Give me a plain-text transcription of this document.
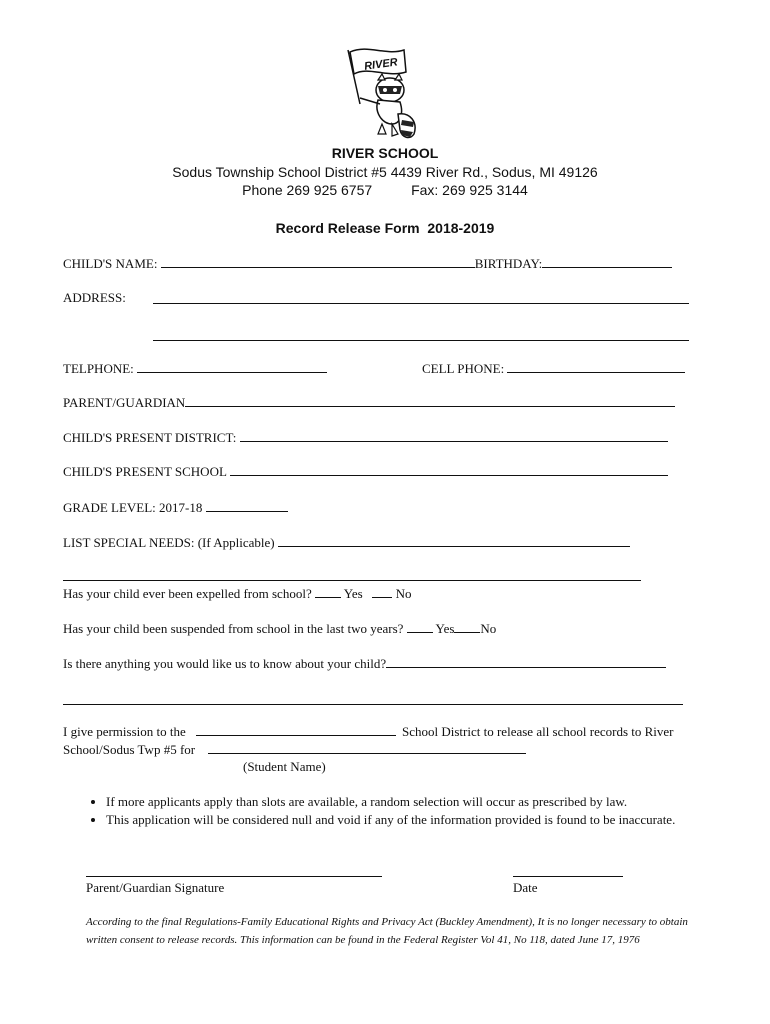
RIVER
RIVER SCHOOL
Sodus Township School District #5 4439 River Rd., Sodus, MI 49126
Phone 269 925 6757          Fax: 269 925 3144
Record Release Form  2018-2019
CHILD'S NAME:	BIRTHDAY:
ADDRESS:
TELPHONE:	CELL PHONE:
PARENT/GUARDIAN
CHILD'S PRESENT DISTRICT:
CHILD'S PRESENT SCHOOL
GRADE LEVEL: 2017-18
LIST SPECIAL NEEDS: (If Applicable)
Has your child ever been expelled from school? Yes	No
Has your child been suspended from school in the last two years? Yes No
Is there anything you would like us to know about your child?
I give permission to the	School District to release all school records to River
School/Sodus Twp #5 for
(Student Name)
• If more applicants apply than slots are available, a random selection will occur as prescribed by law.
• This application will be considered null and void if any of the information provided is found to be inaccurate.
Parent/Guardian Signature	Date
According to the final Regulations-Family Educational Rights and Privacy Act (Buckley Amendment), It is no longer necessary to obtain written consent to release records. This information can be found in the Federal Register Vol 41, No 118, dated June 17, 1976
